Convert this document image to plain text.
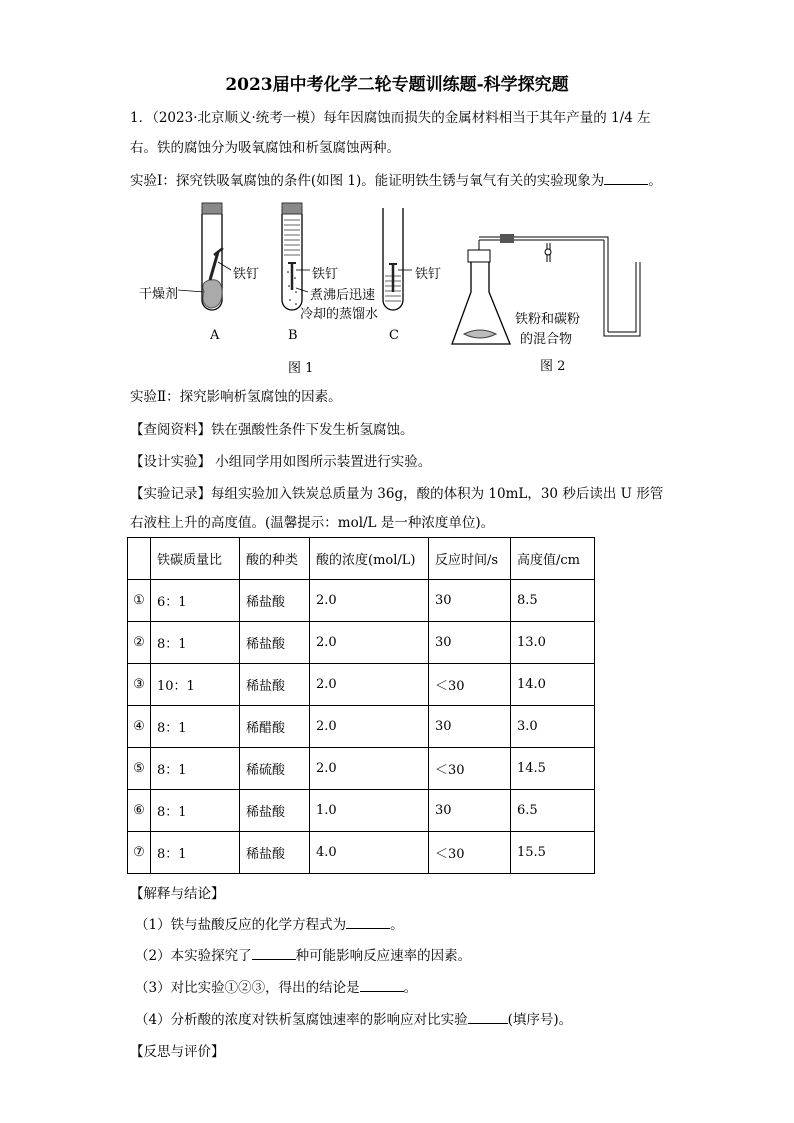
2023届中考化学二轮专题训练题-科学探究题
1．（2023·北京顺义·统考一模）每年因腐蚀而损失的金属材料相当于其年产量的 1/4 左
右。铁的腐蚀分为吸氧腐蚀和析氢腐蚀两种。
实验Ⅰ：探究铁吸氧腐蚀的条件(如图 1)。能证明铁生锈与氧气有关的实验现象为	。
干燥剂
铁钉	铁钉
煮沸后迅速
冷却的蒸馏水
铁钉
A	B	C
图 1
铁粉和碳粉
的混合物
图 2
实验Ⅱ：探究影响析氢腐蚀的因素。
【查阅资料】铁在强酸性条件下发生析氢腐蚀。
【设计实验】 小组同学用如图所示装置进行实验。
【实验记录】每组实验加入铁炭总质量为 36g，酸的体积为 10mL，30 秒后读出 U 形管
右液柱上升的高度值。(温馨提示：mol/L 是一种浓度单位)。
	铁碳质量比	酸的种类	酸的浓度(mol/L)	反应时间/s	高度值/cm
①	6：1	稀盐酸	2.0	30	8.5
②	8：1	稀盐酸	2.0	30	13.0
③	10：1	稀盐酸	2.0	＜30	14.0
④	8：1	稀醋酸	2.0	30	3.0
⑤	8：1	稀硫酸	2.0	＜30	14.5
⑥	8：1	稀盐酸	1.0	30	6.5
⑦	8：1	稀盐酸	4.0	＜30	15.5
【解释与结论】
（1）铁与盐酸反应的化学方程式为	。
（2）本实验探究了	种可能影响反应速率的因素。
（3）对比实验①②③，得出的结论是	。
（4）分析酸的浓度对铁析氢腐蚀速率的影响应对比实验	(填序号)。
【反思与评价】
